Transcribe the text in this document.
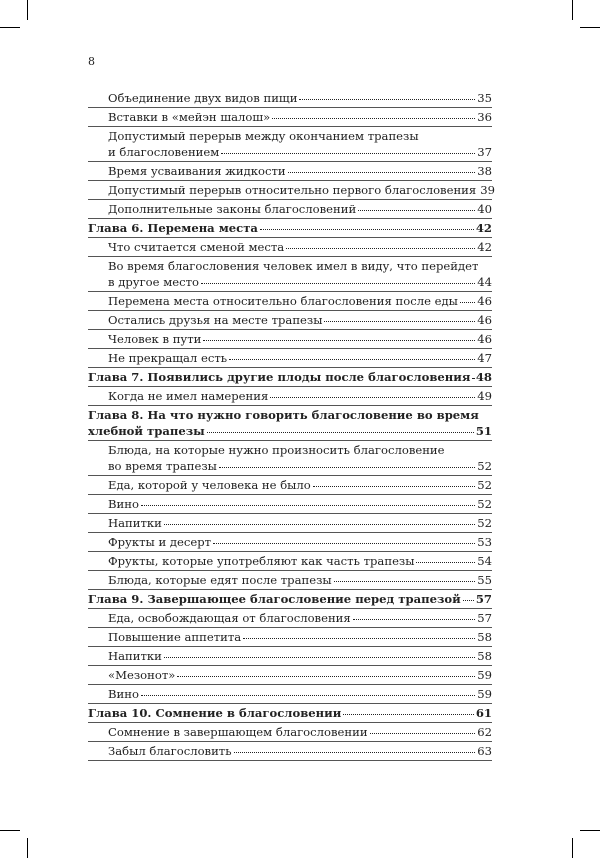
8
Объединение двух видов пищи	35
Вставки в «мейэн шалош»	36
Допустимый перерыв между окончанием трапезы
и благословением	37
Время усваивания жидкости	38
Допустимый перерыв относительно первого благословения 39
Дополнительные законы благословений	40
Глава 6. Перемена места	42
Что считается сменой места	42
Во время благословения человек имел в виду, что перейдет
в другое место	44
Перемена места относительно благословения после еды 46
Остались друзья на месте трапезы	46
Человек в пути	46
Не прекращал есть	47
Глава 7. Появились другие плоды после благословения 48
Когда не имел намерения	49
Глава 8. На что нужно говорить благословение во время
хлебной трапезы	51
Блюда, на которые нужно произносить благословение
во время трапезы	52
Еда, которой у человека не было	52
Вино	52
Напитки	52
Фрукты и десерт	53
Фрукты, которые употребляют как часть трапезы	54
Блюда, которые едят после трапезы	55
Глава 9. Завершающее благословение перед трапезой 57
Еда, освобождающая от благословения	57
Повышение аппетита	58
Напитки	58
«Мезонот»	59
Вино	59
Глава 10. Сомнение в благословении	61
Сомнение в завершающем благословении	62
Забыл благословить	63
